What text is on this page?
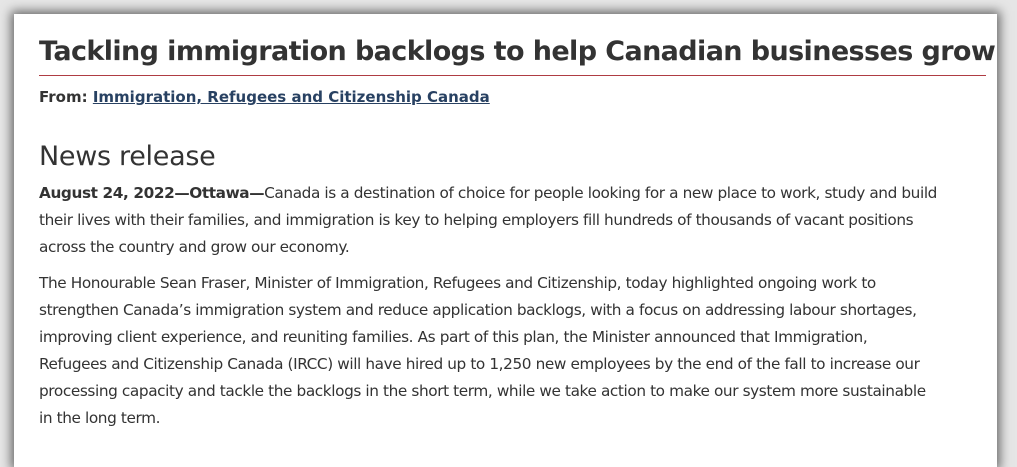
Tackling immigration backlogs to help Canadian businesses grow
From: Immigration, Refugees and Citizenship Canada
News release

August 24, 2022—Ottawa—Canada is a destination of choice for people looking for a new place to work, study and build
their lives with their families, and immigration is key to helping employers fill hundreds of thousands of vacant positions
across the country and grow our economy.

The Honourable Sean Fraser, Minister of Immigration, Refugees and Citizenship, today highlighted ongoing work to
strengthen Canada’s immigration system and reduce application backlogs, with a focus on addressing labour shortages,
improving client experience, and reuniting families. As part of this plan, the Minister announced that Immigration,
Refugees and Citizenship Canada (IRCC) will have hired up to 1,250 new employees by the end of the fall to increase our
processing capacity and tackle the backlogs in the short term, while we take action to make our system more sustainable
in the long term.
